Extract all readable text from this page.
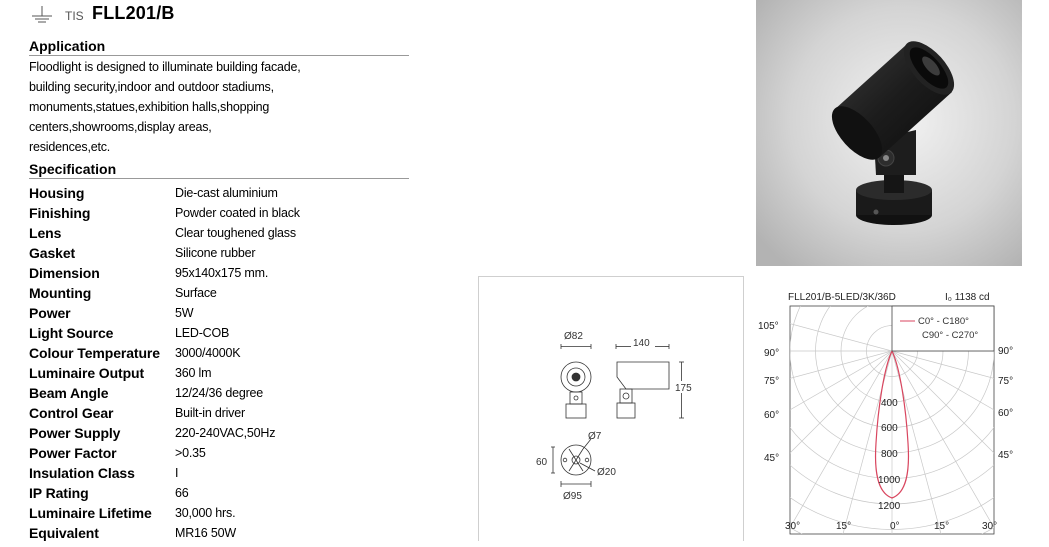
TIS FLL201/B
Application
Floodlight is designed to illuminate building facade,
building security,indoor and outdoor stadiums,
monuments,statues,exhibition halls,shopping
centers,showrooms,display areas,
residences,etc.
Specification
Housing	Die-cast aluminium
Finishing	Powder coated in black
Lens	Clear toughened glass
Gasket	Silicone rubber
Dimension	95x140x175 mm.
Mounting	Surface
Power	5W
Light Source	LED-COB
Colour Temperature	3000/4000K
Luminaire Output	360 lm
Beam Angle	12/24/36 degree
Control Gear	Built-in driver
Power Supply	220-240VAC,50Hz
Power Factor	>0.35
Insulation Class	I
IP Rating	66
Luminaire Lifetime	30,000 hrs.
Equivalent	MR16 50W
Ø82
140
175
Ø7
60
Ø20
Ø95
FLL201/B-5LED/3K/36D	I₀ 1138 cd
C0° - C180°
C90° - C270°
105°
90°
75°
60°
45°
90°
75°
60°
45°
30°	15°	0°	15°	30°
400
600
800
1000
1200
